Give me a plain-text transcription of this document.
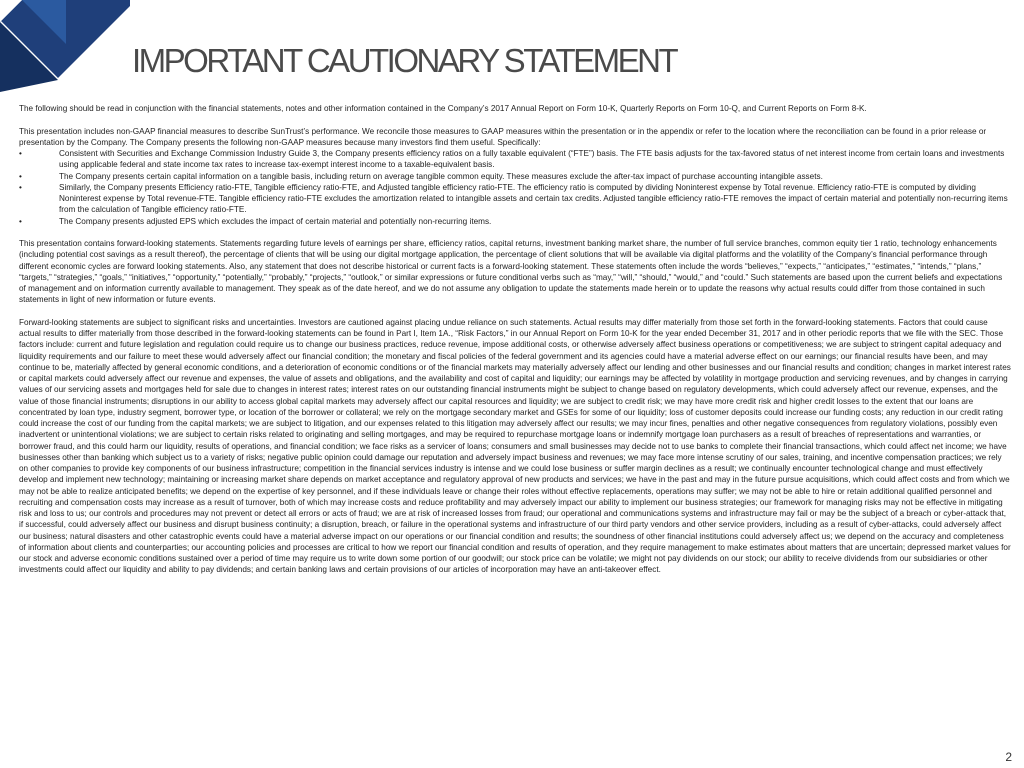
IMPORTANT CAUTIONARY STATEMENT

The following should be read in conjunction with the financial statements, notes and other information contained in the Company’s 2017 Annual Report on Form 10-K, Quarterly Reports on Form 10-Q, and Current Reports on Form 8-K.

This presentation includes non-GAAP financial measures to describe SunTrust’s performance. We reconcile those measures to GAAP measures within the presentation or in the appendix or refer to the location where the reconciliation can be found in a prior release or presentation by the Company. The Company presents the following non-GAAP measures because many investors find them useful. Specifically:

•	Consistent with Securities and Exchange Commission Industry Guide 3, the Company presents efficiency ratios on a fully taxable equivalent (“FTE”) basis. The FTE basis adjusts for the tax-favored status of net interest income from certain loans and investments using applicable federal and state income tax rates to increase tax-exempt interest income to a taxable-equivalent basis.
•	The Company presents certain capital information on a tangible basis, including return on average tangible common equity. These measures exclude the after-tax impact of purchase accounting intangible assets.
•	Similarly, the Company presents Efficiency ratio-FTE, Tangible efficiency ratio-FTE, and Adjusted tangible efficiency ratio-FTE. The efficiency ratio is computed by dividing Noninterest expense by Total revenue. Efficiency ratio-FTE is computed by dividing Noninterest expense by Total revenue-FTE. Tangible efficiency ratio-FTE excludes the amortization related to intangible assets and certain tax credits. Adjusted tangible efficiency ratio-FTE removes the impact of certain material and potentially non-recurring items from the calculation of Tangible efficiency ratio-FTE.
•	The Company presents adjusted EPS which excludes the impact of certain material and potentially non-recurring items.

This presentation contains forward-looking statements. Statements regarding future levels of earnings per share, efficiency ratios, capital returns, investment banking market share, the number of full service branches, common equity tier 1 ratio, technology enhancements (including potential cost savings as a result thereof), the percentage of clients that will be using our digital mortgage application, the percentage of client solutions that will be available via digital platforms and the volatility of the Company’s financial performance through different economic cycles are forward looking statements. Also, any statement that does not describe historical or current facts is a forward-looking statement. These statements often include the words “believes,” “expects,” “anticipates,” “estimates,” “intends,” “plans,” “targets,” “strategies,” “goals,” “initiatives,” “opportunity,” “potentially,” “probably,” “projects,” “outlook,” or similar expressions or future conditional verbs such as “may,” “will,” “should,” “would,” and “could.” Such statements are based upon the current beliefs and expectations of management and on information currently available to management. They speak as of the date hereof, and we do not assume any obligation to update the statements made herein or to update the reasons why actual results could differ from those contained in such statements in light of new information or future events.

Forward-looking statements are subject to significant risks and uncertainties. Investors are cautioned against placing undue reliance on such statements. Actual results may differ materially from those set forth in the forward-looking statements. Factors that could cause actual results to differ materially from those described in the forward-looking statements can be found in Part I, Item 1A., “Risk Factors,” in our Annual Report on Form 10-K for the year ended December 31, 2017 and in other periodic reports that we file with the SEC. Those factors include: current and future legislation and regulation could require us to change our business practices, reduce revenue, impose additional costs, or otherwise adversely affect business operations or competitiveness; we are subject to stringent capital adequacy and liquidity requirements and our failure to meet these would adversely affect our financial condition; the monetary and fiscal policies of the federal government and its agencies could have a material adverse effect on our earnings; our financial results have been, and may continue to be, materially affected by general economic conditions, and a deterioration of economic conditions or of the financial markets may materially adversely affect our lending and other businesses and our financial results and condition; changes in market interest rates or capital markets could adversely affect our revenue and expenses, the value of assets and obligations, and the availability and cost of capital and liquidity; our earnings may be affected by volatility in mortgage production and servicing revenues, and by changes in carrying values of our servicing assets and mortgages held for sale due to changes in interest rates; interest rates on our outstanding financial instruments might be subject to change based on regulatory developments, which could adversely affect our revenue, expenses, and the value of those financial instruments; disruptions in our ability to access global capital markets may adversely affect our capital resources and liquidity; we are subject to credit risk; we may have more credit risk and higher credit losses to the extent that our loans are concentrated by loan type, industry segment, borrower type, or location of the borrower or collateral; we rely on the mortgage secondary market and GSEs for some of our liquidity; loss of customer deposits could increase our funding costs; any reduction in our credit rating could increase the cost of our funding from the capital markets; we are subject to litigation, and our expenses related to this litigation may adversely affect our results; we may incur fines, penalties and other negative consequences from regulatory violations, possibly even inadvertent or unintentional violations; we are subject to certain risks related to originating and selling mortgages, and may be required to repurchase mortgage loans or indemnify mortgage loan purchasers as a result of breaches of representations and warranties, or borrower fraud, and this could harm our liquidity, results of operations, and financial condition; we face risks as a servicer of loans; consumers and small businesses may decide not to use banks to complete their financial transactions, which could affect net income; we have businesses other than banking which subject us to a variety of risks; negative public opinion could damage our reputation and adversely impact business and revenues; we may face more intense scrutiny of our sales, training, and incentive compensation practices; we rely on other companies to provide key components of our business infrastructure; competition in the financial services industry is intense and we could lose business or suffer margin declines as a result; we continually encounter technological change and must effectively develop and implement new technology; maintaining or increasing market share depends on market acceptance and regulatory approval of new products and services; we have in the past and may in the future pursue acquisitions, which could affect costs and from which we may not be able to realize anticipated benefits; we depend on the expertise of key personnel, and if these individuals leave or change their roles without effective replacements, operations may suffer; we may not be able to hire or retain additional qualified personnel and recruiting and compensation costs may increase as a result of turnover, both of which may increase costs and reduce profitability and may adversely impact our ability to implement our business strategies; our framework for managing risks may not be effective in mitigating risk and loss to us; our controls and procedures may not prevent or detect all errors or acts of fraud; we are at risk of increased losses from fraud; our operational and communications systems and infrastructure may fail or may be the subject of a breach or cyber-attack that, if successful, could adversely affect our business and disrupt business continuity; a disruption, breach, or failure in the operational systems and infrastructure of our third party vendors and other service providers, including as a result of cyber-attacks, could adversely affect our business; natural disasters and other catastrophic events could have a material adverse impact on our operations or our financial condition and results; the soundness of other financial institutions could adversely affect us; we depend on the accuracy and completeness of information about clients and counterparties; our accounting policies and processes are critical to how we report our financial condition and results of operation, and they require management to make estimates about matters that are uncertain; depressed market values for our stock and adverse economic conditions sustained over a period of time may require us to write down some portion of our goodwill; our stock price can be volatile; we might not pay dividends on our stock; our ability to receive dividends from our subsidiaries or other investments could affect our liquidity and ability to pay dividends; and certain banking laws and certain provisions of our articles of incorporation may have an anti-takeover effect.

2
